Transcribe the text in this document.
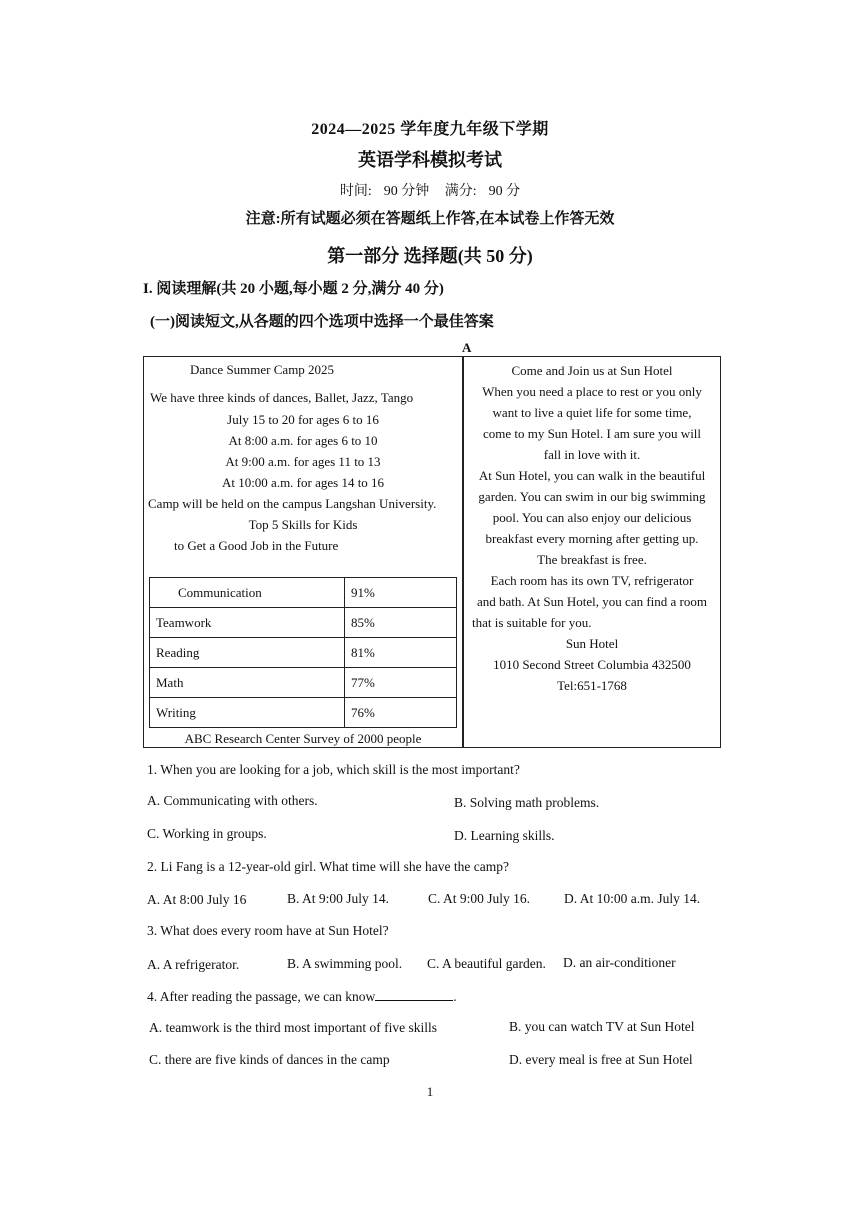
2024—2025 学年度九年级下学期
英语学科模拟考试
时间: 90 分钟 满分: 90 分
注意:所有试题必须在答题纸上作答,在本试卷上作答无效
第一部分 选择题(共 50 分)
I. 阅读理解(共 20 小题,每小题 2 分,满分 40 分)
(一)阅读短文,从各题的四个选项中选择一个最佳答案
A
Dance Summer Camp 2025
We have three kinds of dances, Ballet, Jazz, Tango
July 15 to 20 for ages 6 to 16
At 8:00 a.m. for ages 6 to 10
At 9:00 a.m. for ages 11 to 13
At 10:00 a.m. for ages 14 to 16
Camp will be held on the campus Langshan University.
Top 5 Skills for Kids
to Get a Good Job in the Future
Communication	91%
Teamwork	85%
Reading	81%
Math	77%
Writing	76%
ABC Research Center Survey of 2000 people
Come and Join us at Sun Hotel
When you need a place to rest or you only
want to live a quiet life for some time,
come to my Sun Hotel. I am sure you will
fall in love with it.
At Sun Hotel, you can walk in the beautiful
garden. You can swim in our big swimming
pool. You can also enjoy our delicious
breakfast every morning after getting up.
The breakfast is free.
Each room has its own TV, refrigerator
and bath. At Sun Hotel, you can find a room
that is suitable for you.
Sun Hotel
1010 Second Street Columbia 432500
Tel:651-1768
1. When you are looking for a job, which skill is the most important?
A. Communicating with others.	B. Solving math problems.
C. Working in groups.	D. Learning skills.
2. Li Fang is a 12-year-old girl. What time will she have the camp?
A. At 8:00 July 16	B. At 9:00 July 14.	C. At 9:00 July 16.	D. At 10:00 a.m. July 14.
3. What does every room have at Sun Hotel?
A. A refrigerator.	B. A swimming pool. C. A beautiful garden. D. an air-conditioner
4. After reading the passage, we can know	.
A. teamwork is the third most important of five skills	B. you can watch TV at Sun Hotel
C. there are five kinds of dances in the camp	D. every meal is free at Sun Hotel
1
